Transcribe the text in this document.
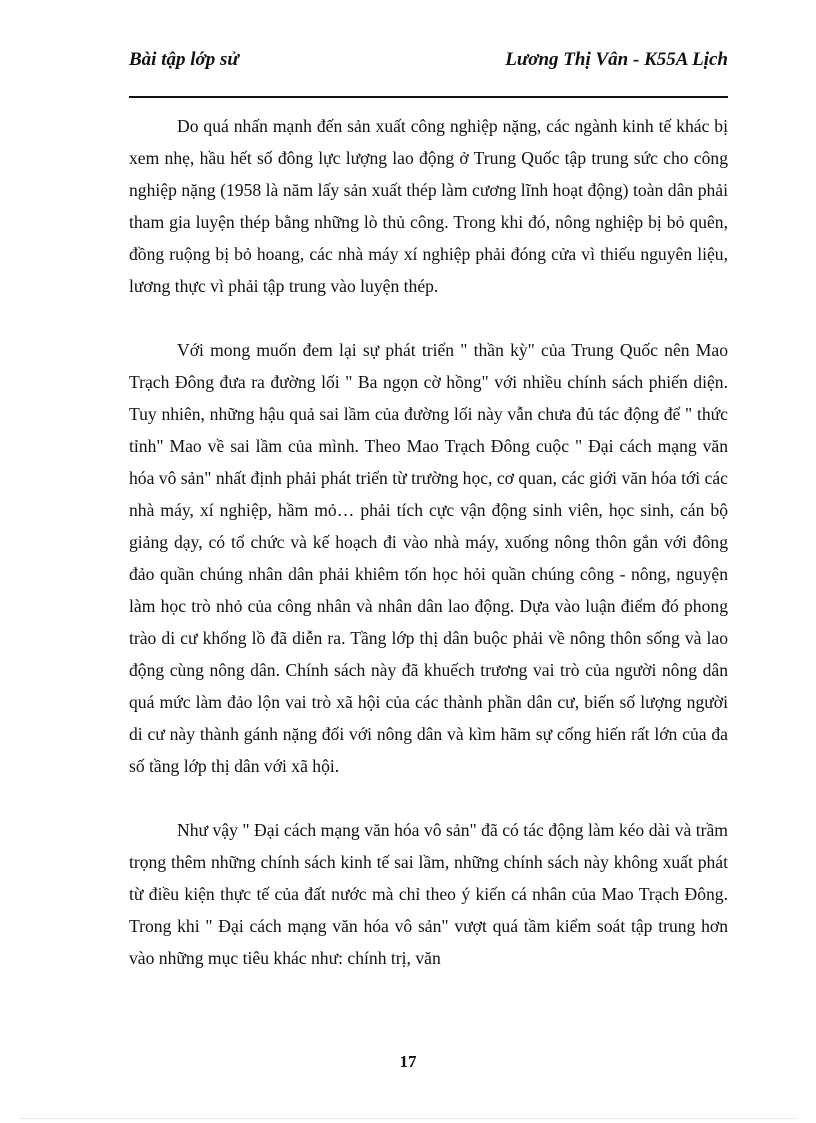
Bài tập lớp sử	Lương Thị Vân - K55A Lịch

Do quá nhấn mạnh đến sản xuất công nghiệp nặng, các ngành kinh tế khác bị xem nhẹ, hầu hết số đông lực lượng lao động ở Trung Quốc tập trung sức cho công nghiệp nặng (1958 là năm lấy sản xuất thép làm cương lĩnh hoạt động) toàn dân phải tham gia luyện thép bằng những lò thủ công. Trong khi đó, nông nghiệp bị bỏ quên, đồng ruộng bị bỏ hoang, các nhà máy xí nghiệp phải đóng cửa vì thiếu nguyên liệu, lương thực vì phải tập trung vào luyện thép.

Với mong muốn đem lại sự phát triển " thần kỳ" của Trung Quốc nên Mao Trạch Đông đưa ra đường lối " Ba ngọn cờ hồng" với nhiều chính sách phiến diện. Tuy nhiên, những hậu quả sai lầm của đường lối này vẫn chưa đủ tác động để " thức tỉnh" Mao về sai lầm của mình. Theo Mao Trạch Đông cuộc " Đại cách mạng văn hóa vô sản" nhất định phải phát triển từ trường học, cơ quan, các giới văn hóa tới các nhà máy, xí nghiệp, hầm mỏ… phải tích cực vận động sinh viên, học sinh, cán bộ giảng dạy, có tổ chức và kế hoạch đi vào nhà máy, xuống nông thôn gắn với đông đảo quần chúng nhân dân phải khiêm tốn học hỏi quần chúng công - nông, nguyện làm học trò nhỏ của công nhân và nhân dân lao động. Dựa vào luận điểm đó phong trào di cư khổng lồ đã diễn ra. Tầng lớp thị dân buộc phải về nông thôn sống và lao động cùng nông dân. Chính sách này đã khuếch trương vai trò của người nông dân quá mức làm đảo lộn vai trò xã hội của các thành phần dân cư, biến số lượng người di cư này thành gánh nặng đối với nông dân và kìm hãm sự cống hiến rất lớn của đa số tầng lớp thị dân với xã hội.

Như vậy " Đại cách mạng văn hóa vô sản" đã có tác động làm kéo dài và trầm trọng thêm những chính sách kinh tế sai lầm, những chính sách này không xuất phát từ điều kiện thực tế của đất nước mà chỉ theo ý kiến cá nhân của Mao Trạch Đông. Trong khi " Đại cách mạng văn hóa vô sản" vượt quá tầm kiểm soát tập trung hơn vào những mục tiêu khác như: chính trị, văn

17
